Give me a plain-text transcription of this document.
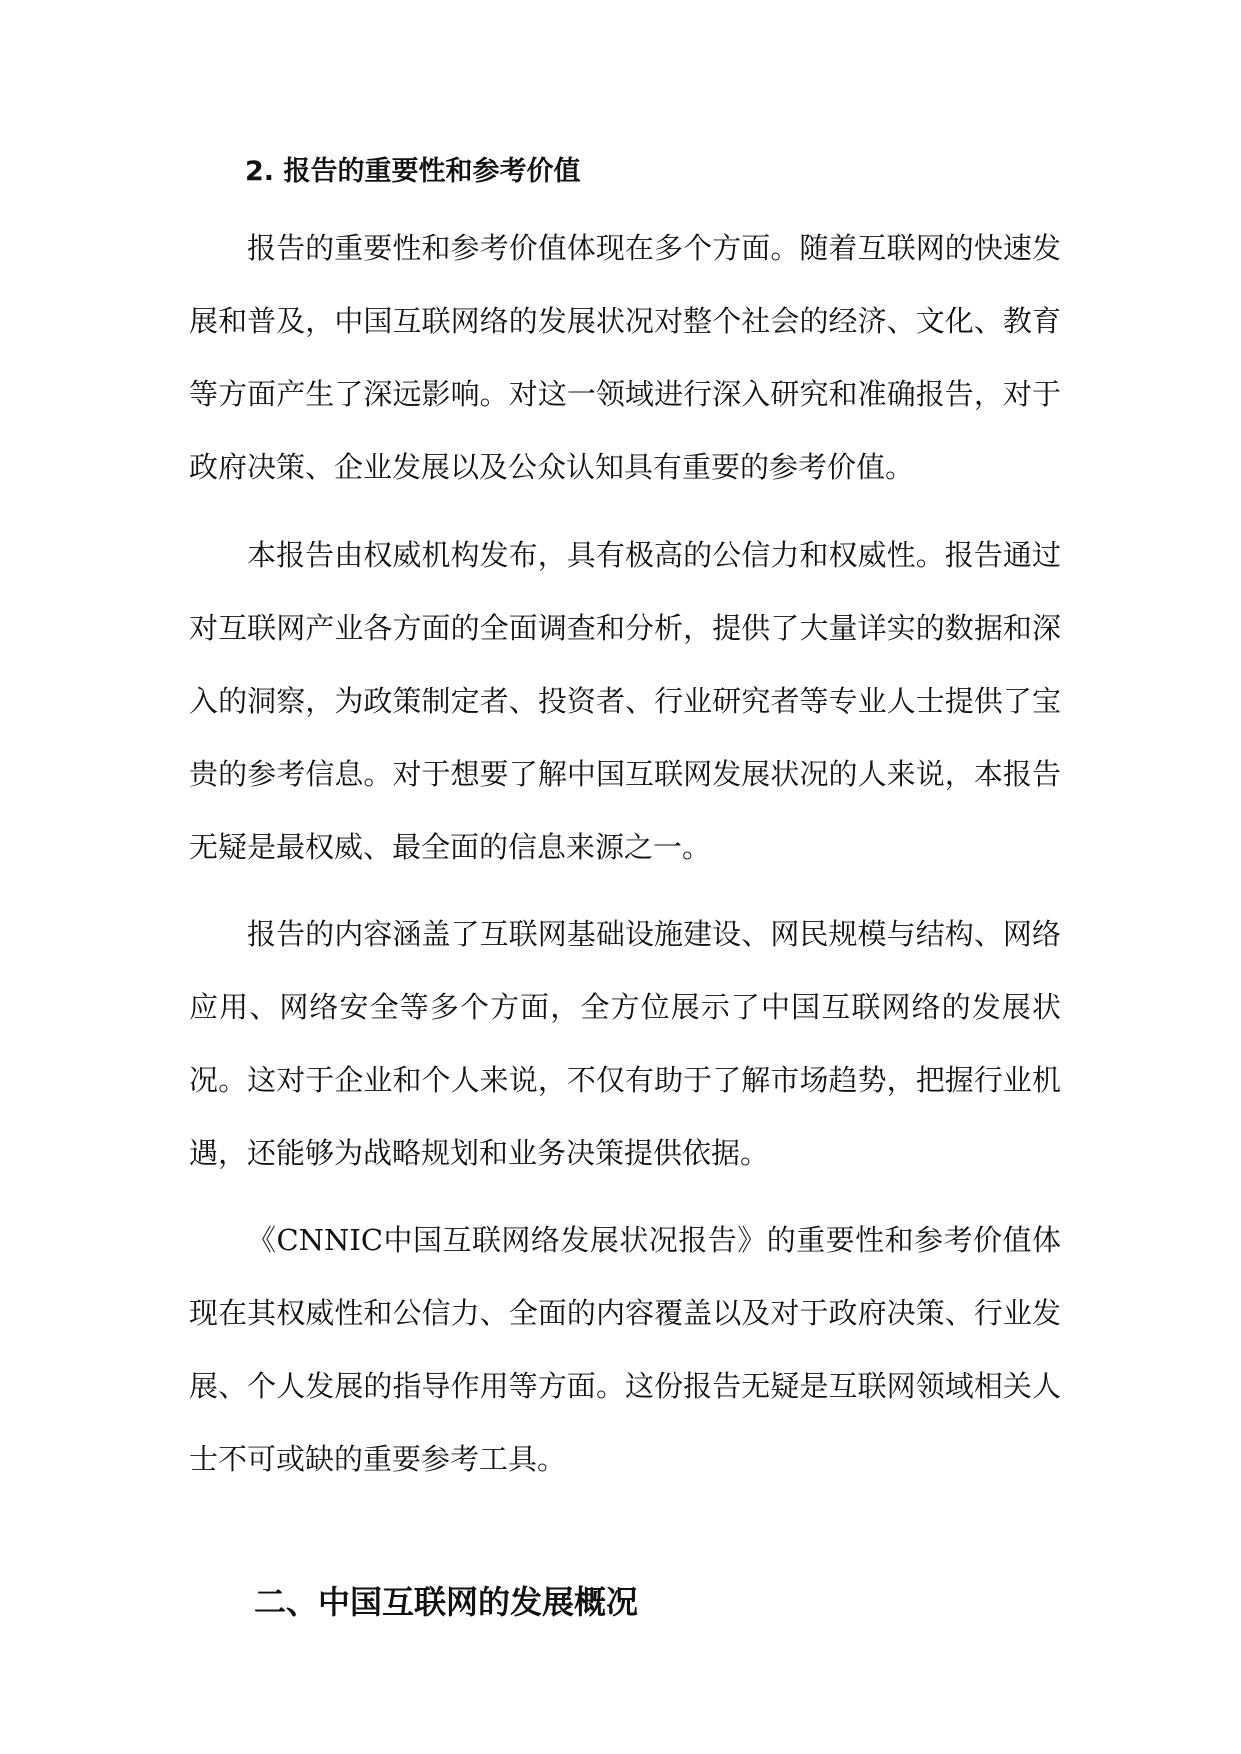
2. 报告的重要性和参考价值

报告的重要性和参考价值体现在多个方面。随着互联网的快速发展和普及，中国互联网络的发展状况对整个社会的经济、文化、教育等方面产生了深远影响。对这一领域进行深入研究和准确报告，对于政府决策、企业发展以及公众认知具有重要的参考价值。

本报告由权威机构发布，具有极高的公信力和权威性。报告通过对互联网产业各方面的全面调查和分析，提供了大量详实的数据和深入的洞察，为政策制定者、投资者、行业研究者等专业人士提供了宝贵的参考信息。对于想要了解中国互联网发展状况的人来说，本报告无疑是最权威、最全面的信息来源之一。

报告的内容涵盖了互联网基础设施建设、网民规模与结构、网络应用、网络安全等多个方面，全方位展示了中国互联网络的发展状况。这对于企业和个人来说，不仅有助于了解市场趋势，把握行业机遇，还能够为战略规划和业务决策提供依据。

《CNNIC中国互联网络发展状况报告》的重要性和参考价值体现在其权威性和公信力、全面的内容覆盖以及对于政府决策、行业发展、个人发展的指导作用等方面。这份报告无疑是互联网领域相关人士不可或缺的重要参考工具。

二、中国互联网的发展概况
